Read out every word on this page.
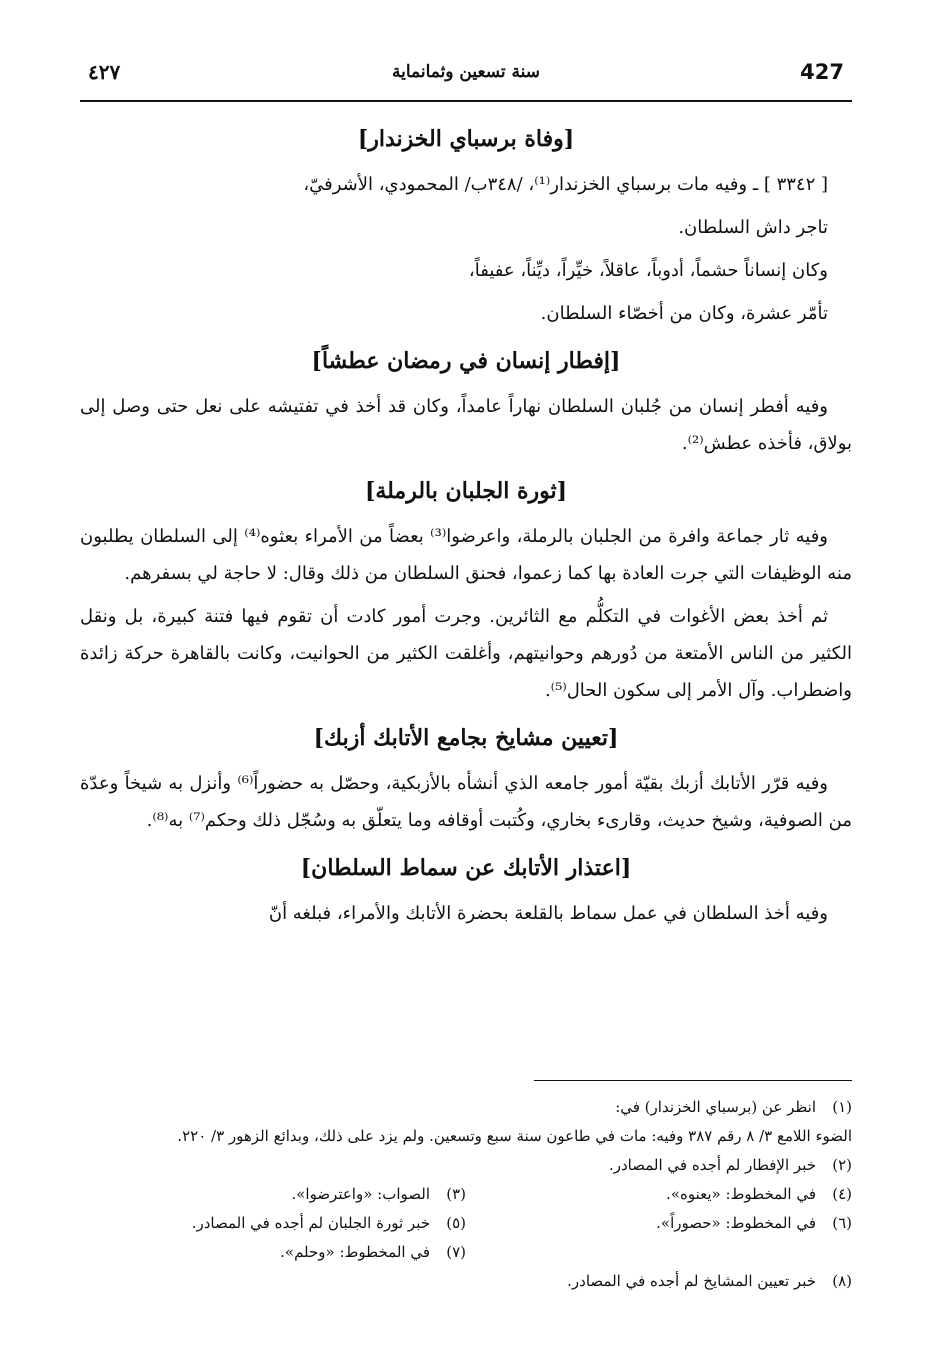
427
سنة تسعين وثمانماية
٤٢٧
[وفاة برسباي الخزندار]

[ ٣٣٤٢ ] ـ وفيه مات برسباي الخزندار⁽¹⁾، /٣٤٨ب/ المحمودي، الأشرفيّ،

تاجر داش السلطان.

وكان إنساناً حشماً، أدوباً، عاقلاً، خيِّراً، ديِّناً، عفيفاً،

تأمّر عشرة، وكان من أخصّاء السلطان.

[إفطار إنسان في رمضان عطشاً]

وفيه أفطر إنسان من جُلبان السلطان نهاراً عامداً، وكان قد أخذ في تفتيشه على نعل حتى وصل إلى بولاق، فأخذه عطش⁽²⁾.

[ثورة الجلبان بالرملة]

وفيه ثار جماعة وافرة من الجلبان بالرملة، واعرضوا⁽³⁾ بعضاً من الأمراء بعثوه⁽⁴⁾ إلى السلطان يطلبون منه الوظيفات التي جرت العادة بها كما زعموا، فحنق السلطان من ذلك وقال: لا حاجة لي بسفرهم.

ثم أخذ بعض الأغوات في التكلُّم مع الثائرين. وجرت أمور كادت أن تقوم فيها فتنة كبيرة، بل ونقل الكثير من الناس الأمتعة من دُورهم وحوانيتهم، وأغلقت الكثير من الحوانيت، وكانت بالقاهرة حركة زائدة واضطراب. وآل الأمر إلى سكون الحال⁽⁵⁾.

[تعيين مشايخ بجامع الأتابك أزبك]

وفيه قرّر الأتابك أزبك بقيّة أمور جامعه الذي أنشأه بالأزبكية، وحصّل به حضوراً⁽⁶⁾ وأنزل به شيخاً وعدّة من الصوفية، وشيخ حديث، وقارىء بخاري، وكُتبت أوقافه وما يتعلّق به وسُجّل ذلك وحكم⁽⁷⁾ به⁽⁸⁾.

[اعتذار الأتابك عن سماط السلطان]

وفيه أخذ السلطان في عمل سماط بالقلعة بحضرة الأتابك والأمراء، فبلغه أنّ

(١)
انظر عن (برسباي الخزندار) في:
الضوء اللامع ٣/ ٨ رقم ٣٨٧ وفيه: مات في طاعون سنة سبع وتسعين. ولم يزد على ذلك، وبدائع الزهور ٣/ ٢٢٠.
(٢)
خبر الإفطار لم أجده في المصادر.
(٤)
في المخطوط: «يعنوه».
(٣)
الصواب: «واعترضوا».
(٦)
في المخطوط: «حصوراً».
(٥)
خبر ثورة الجلبان لم أجده في المصادر.
(٧)
في المخطوط: «وحلم».
(٨)
خبر تعيين المشايخ لم أجده في المصادر.
